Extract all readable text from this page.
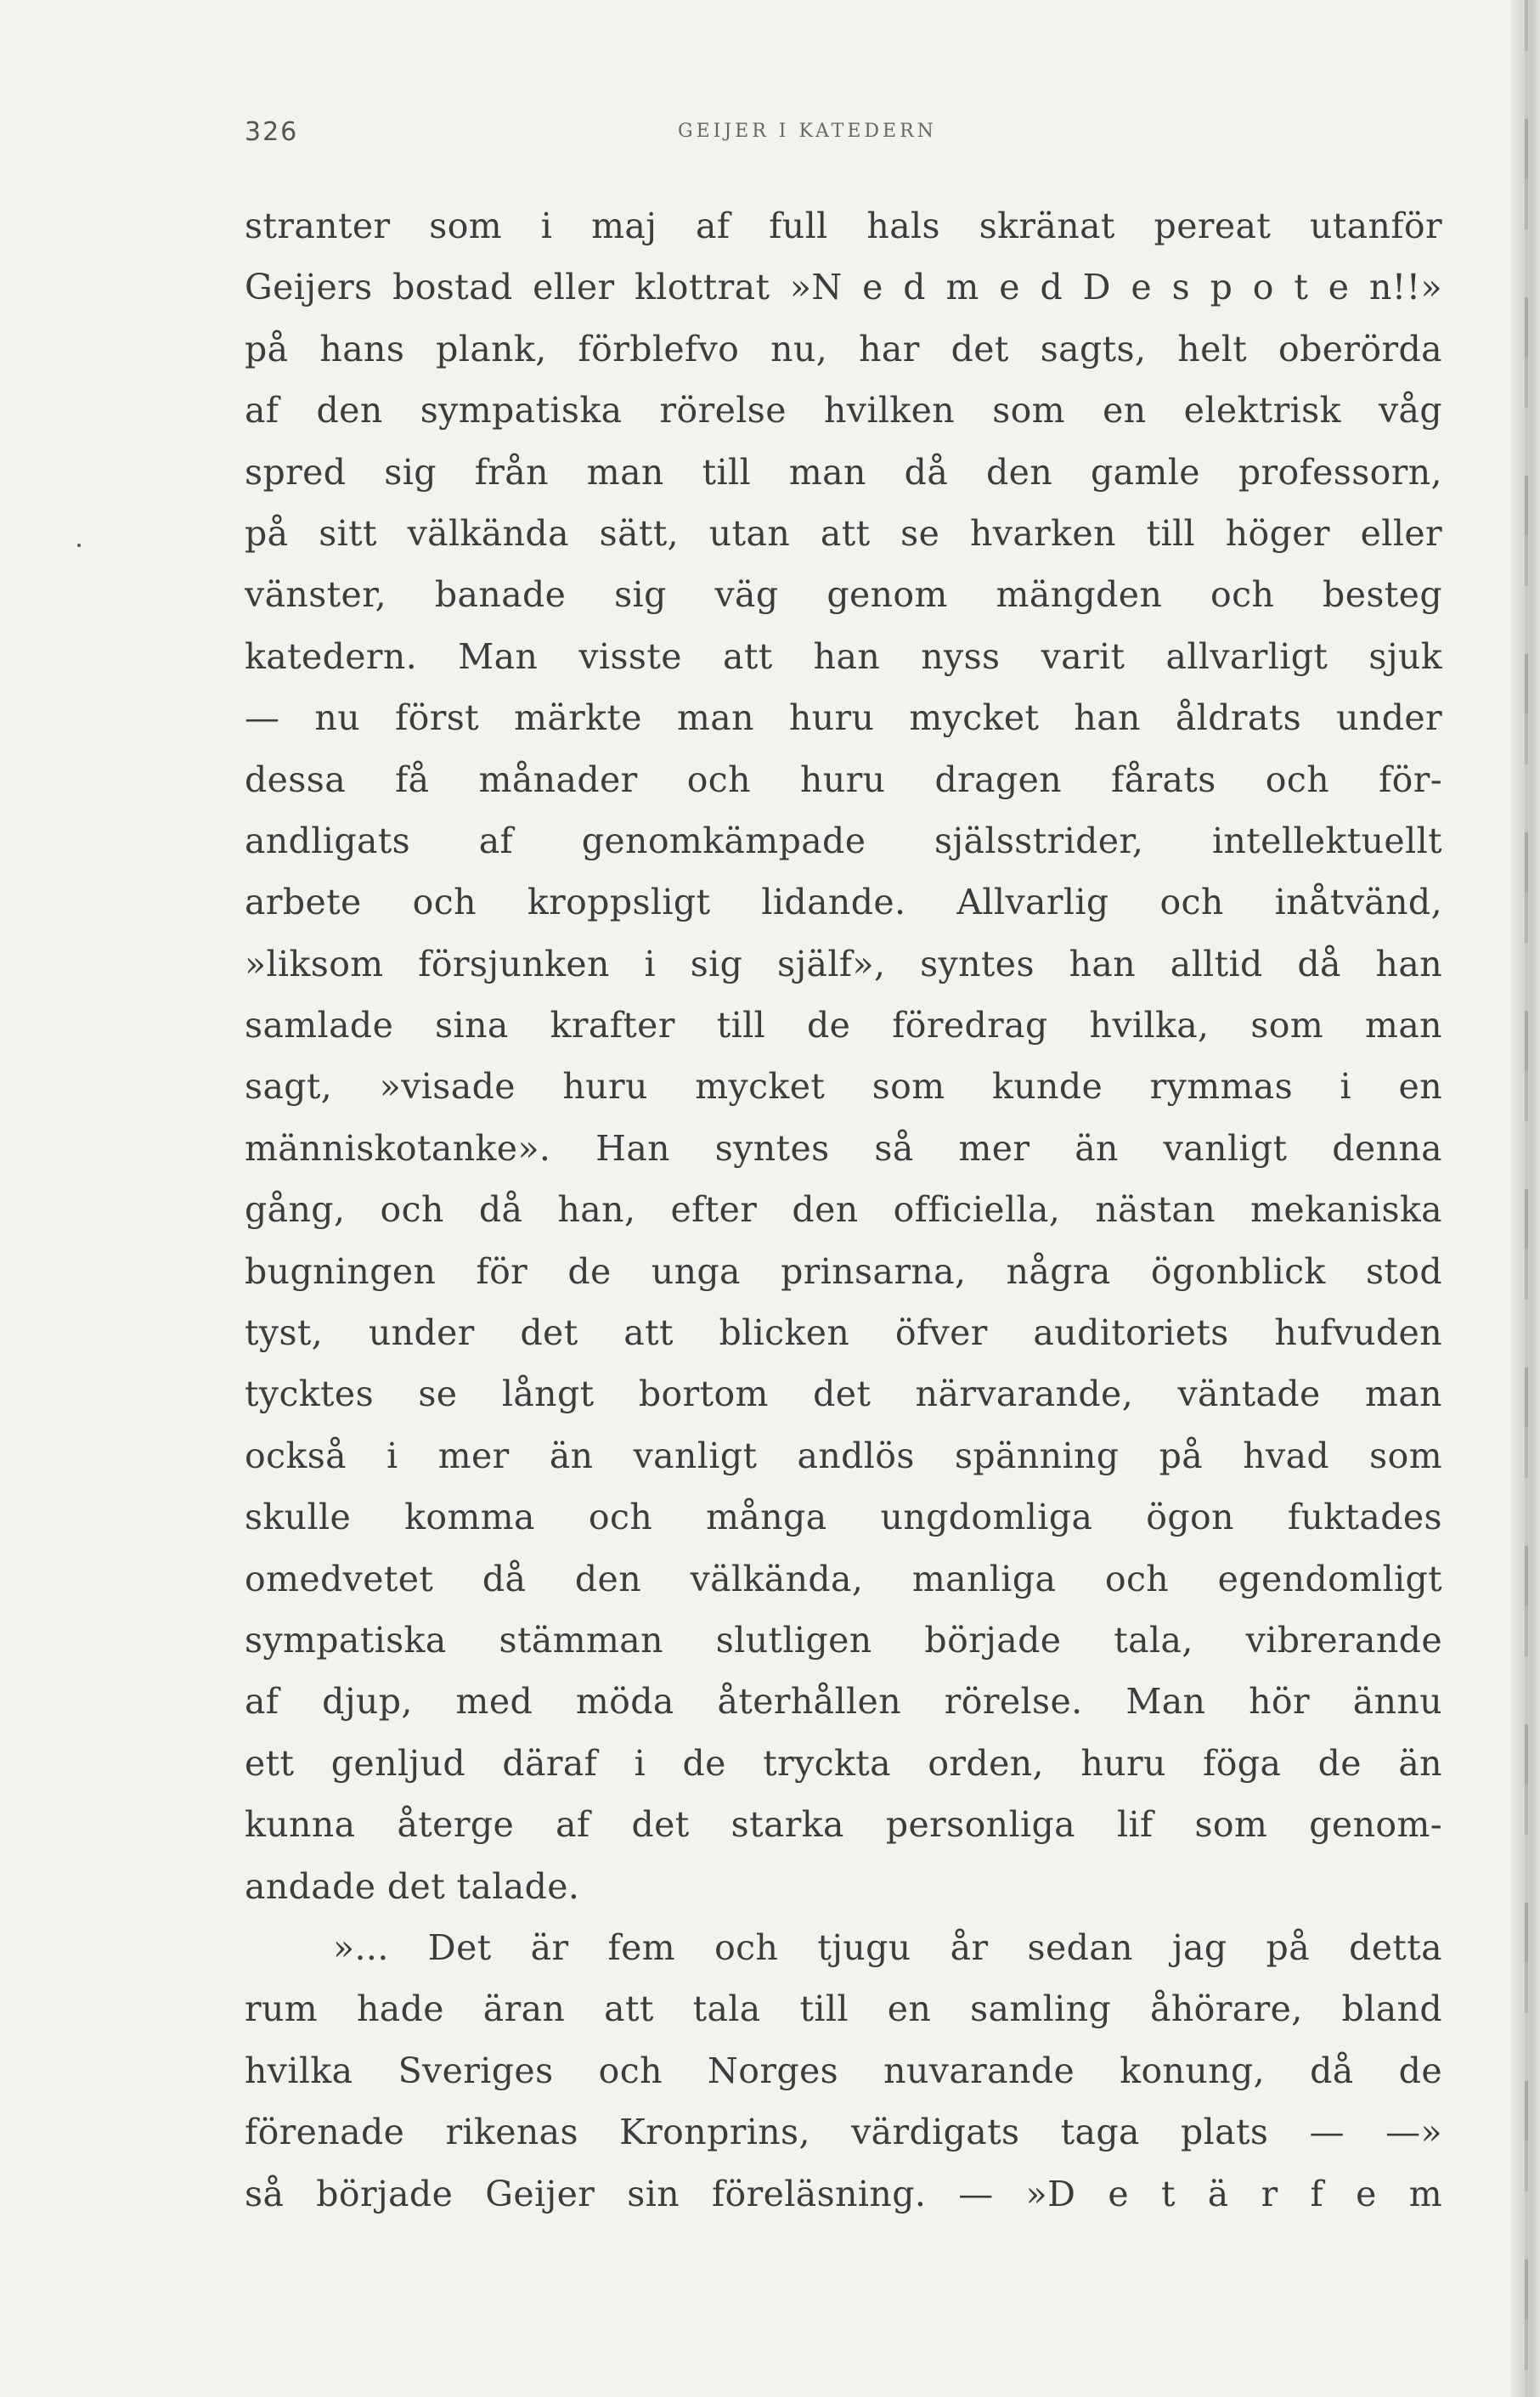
326	GEIJER I KATEDERN
stranter som i maj af full hals skränat pereat utanför
Geijers bostad eller klottrat »N e d m e d D e s p o t e n!!»
på hans plank, förblefvo nu, har det sagts, helt oberörda
af den sympatiska rörelse hvilken som en elektrisk våg
spred sig från man till man då den gamle professorn,
på sitt välkända sätt, utan att se hvarken till höger eller
vänster, banade sig väg genom mängden och besteg
katedern. Man visste att han nyss varit allvarligt sjuk
— nu först märkte man huru mycket han åldrats under
dessa få månader och huru dragen fårats och för-
andligats af genomkämpade själsstrider, intellektuellt
arbete och kroppsligt lidande. Allvarlig och inåtvänd,
»liksom försjunken i sig själf», syntes han alltid då han
samlade sina krafter till de föredrag hvilka, som man
sagt, »visade huru mycket som kunde rymmas i en
människotanke». Han syntes så mer än vanligt denna
gång, och då han, efter den officiella, nästan mekaniska
bugningen för de unga prinsarna, några ögonblick stod
tyst, under det att blicken öfver auditoriets hufvuden
tycktes se långt bortom det närvarande, väntade man
också i mer än vanligt andlös spänning på hvad som
skulle komma och många ungdomliga ögon fuktades
omedvetet då den välkända, manliga och egendomligt
sympatiska stämman slutligen började tala, vibrerande
af djup, med möda återhållen rörelse. Man hör ännu
ett genljud däraf i de tryckta orden, huru föga de än
kunna återge af det starka personliga lif som genom-
andade det talade.
»... Det är fem och tjugu år sedan jag på detta
rum hade äran att tala till en samling åhörare, bland
hvilka Sveriges och Norges nuvarande konung, då de
förenade rikenas Kronprins, värdigats taga plats — —»
så började Geijer sin föreläsning. — »D e t ä r f e m
